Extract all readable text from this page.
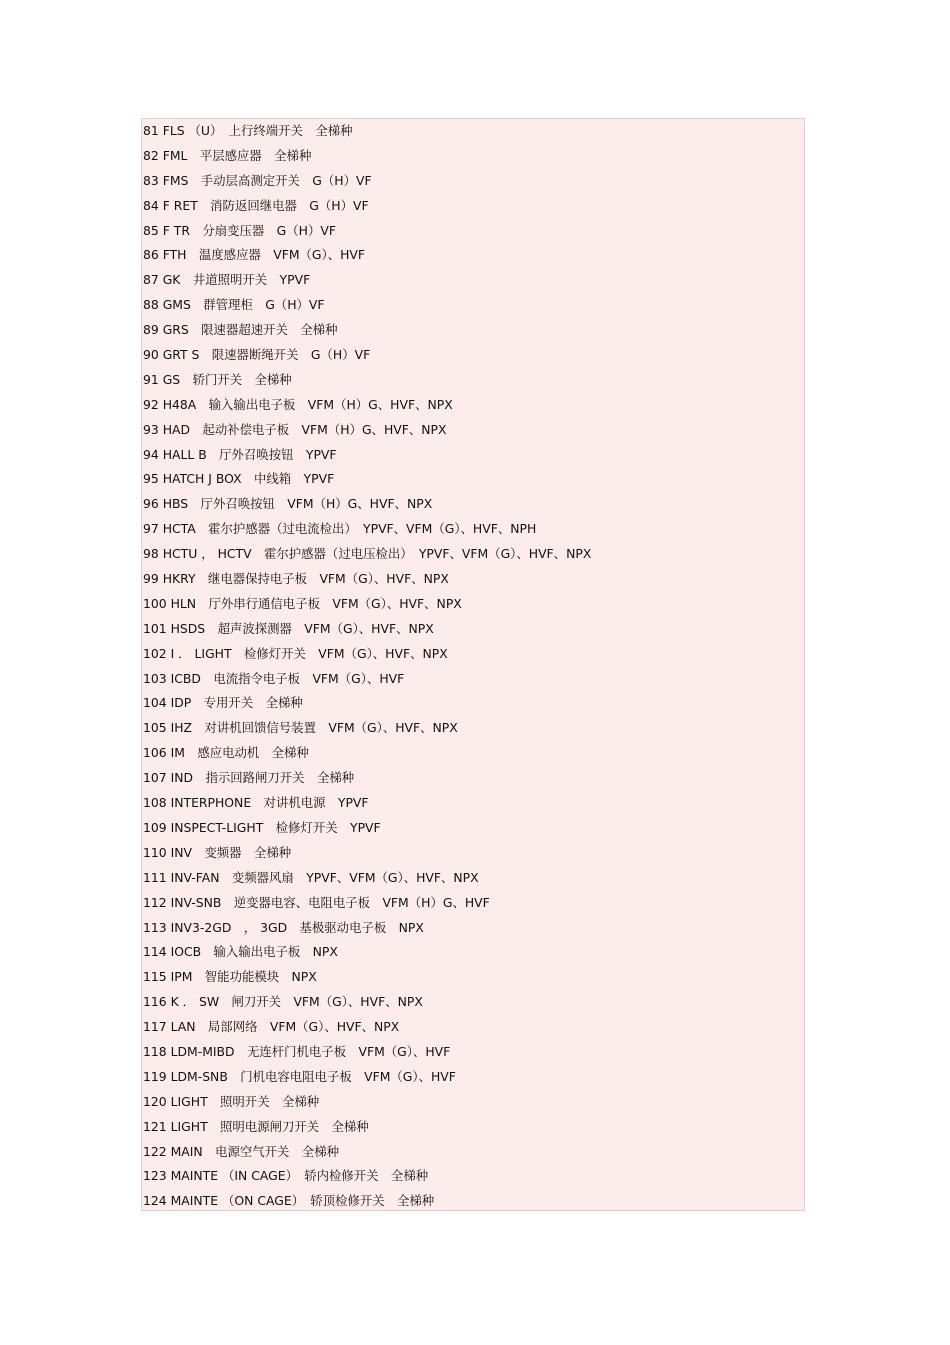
81 FLS （U）　上行终端开关　全梯种
82 FML　平层感应器　全梯种
83 FMS　手动层高测定开关　G（H）VF
84 F RET　消防返回继电器　G（H）VF
85 F TR　分扇变压器　G（H）VF
86 FTH　温度感应器　VFM（G）、HVF
87 GK　井道照明开关　YPVF
88 GMS　群管理柜　G（H）VF
89 GRS　限速器超速开关　全梯种
90 GRT S　限速器断绳开关　G（H）VF
91 GS　轿门开关　全梯种
92 H48A　输入输出电子板　VFM（H）G、HVF、NPX
93 HAD　起动补偿电子板　VFM（H）G、HVF、NPX
94 HALL B　厅外召唤按钮　YPVF
95 HATCH J BOX　中线箱　YPVF
96 HBS　厅外召唤按钮　VFM（H）G、HVF、NPX
97 HCTA　霍尔护感器（过电流检出）　YPVF、VFM（G）、HVF、NPH
98 HCTU ， HCTV　霍尔护感器（过电压检出）　YPVF、VFM（G）、HVF、NPX
99 HKRY　继电器保持电子板　VFM（G）、HVF、NPX
100 HLN　厅外串行通信电子板　VFM（G）、HVF、NPX
101 HSDS　超声波探测器　VFM（G）、HVF、NPX
102 I ． LIGHT　检修灯开关　VFM（G）、HVF、NPX
103 ICBD　电流指令电子板　VFM（G）、HVF
104 IDP　专用开关　全梯种
105 IHZ　对讲机回馈信号装置　VFM（G）、HVF、NPX
106 IM　感应电动机　全梯种
107 IND　指示回路闸刀开关　全梯种
108 INTERPHONE　对讲机电源　YPVF
109 INSPECT-LIGHT　检修灯开关　YPVF
110 INV　变频器　全梯种
111 INV-FAN　变频器风扇　YPVF、VFM（G）、HVF、NPX
112 INV-SNB　逆变器电容、电阻电子板　VFM（H）G、HVF
113 INV3-2GD　， 3GD　基极驱动电子板　NPX
114 IOCB　输入输出电子板　NPX
115 IPM　智能功能模块　NPX
116 K ． SW　闸刀开关　VFM（G）、HVF、NPX
117 LAN　局部网络　VFM（G）、HVF、NPX
118 LDM-MIBD　无连杆门机电子板　VFM（G）、HVF
119 LDM-SNB　门机电容电阻电子板　VFM（G）、HVF
120 LIGHT　照明开关　全梯种
121 LIGHT　照明电源闸刀开关　全梯种
122 MAIN　电源空气开关　全梯种
123 MAINTE （IN CAGE）　轿内检修开关　全梯种
124 MAINTE （ON CAGE）　轿顶检修开关　全梯种
